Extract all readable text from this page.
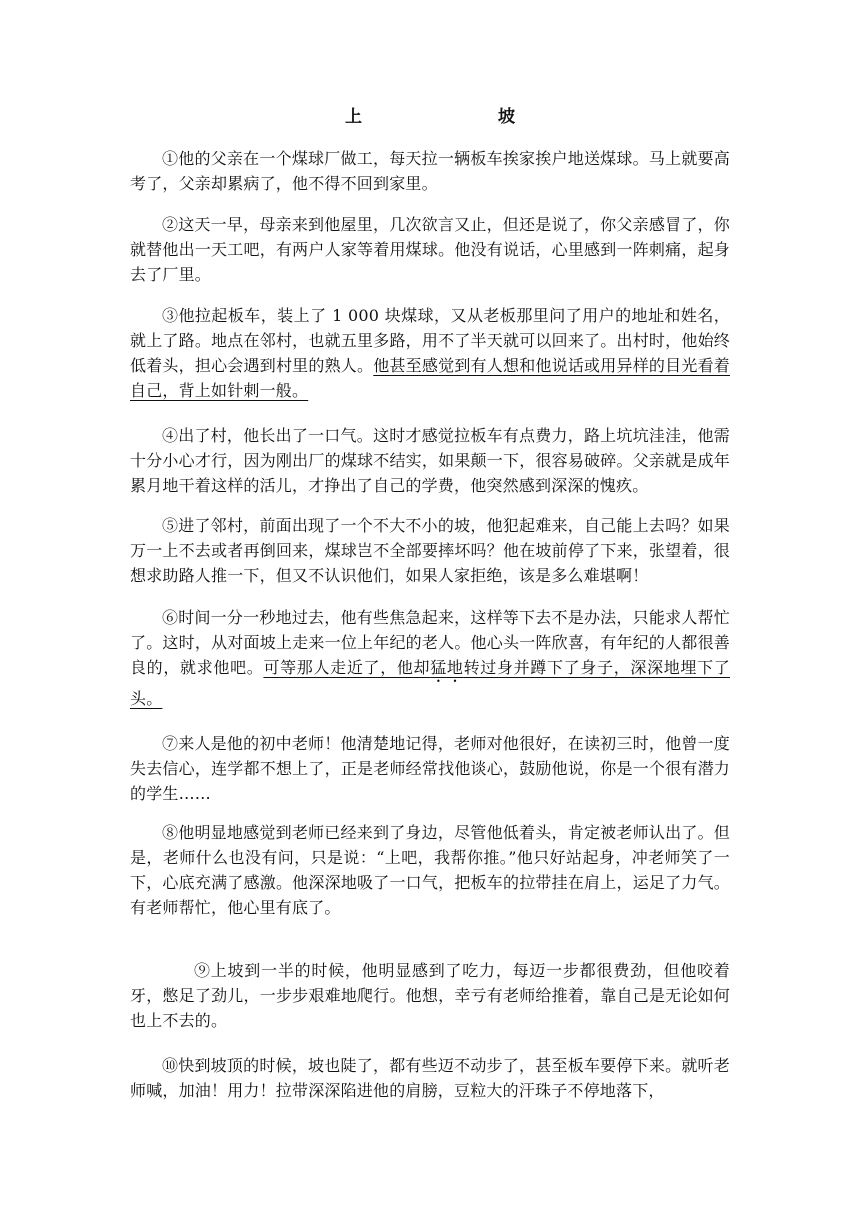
上　　坡

①他的父亲在一个煤球厂做工，每天拉一辆板车挨家挨户地送煤球。马上就要高考了，父亲却累病了，他不得不回到家里。

②这天一早，母亲来到他屋里，几次欲言又止，但还是说了，你父亲感冒了，你就替他出一天工吧，有两户人家等着用煤球。他没有说话，心里感到一阵刺痛，起身去了厂里。

③他拉起板车，装上了 1 000 块煤球，又从老板那里问了用户的地址和姓名，就上了路。地点在邻村，也就五里多路，用不了半天就可以回来了。出村时，他始终低着头，担心会遇到村里的熟人。他甚至感觉到有人想和他说话或用异样的目光看着自己，背上如针刺一般。

④出了村，他长出了一口气。这时才感觉拉板车有点费力，路上坑坑洼洼，他需十分小心才行，因为刚出厂的煤球不结实，如果颠一下，很容易破碎。父亲就是成年累月地干着这样的活儿，才挣出了自己的学费，他突然感到深深的愧疚。

⑤进了邻村，前面出现了一个不大不小的坡，他犯起难来，自己能上去吗？如果万一上不去或者再倒回来，煤球岂不全部要摔坏吗？他在坡前停了下来，张望着，很想求助路人推一下，但又不认识他们，如果人家拒绝，该是多么难堪啊！

⑥时间一分一秒地过去，他有些焦急起来，这样等下去不是办法，只能求人帮忙了。这时，从对面坡上走来一位上年纪的老人。他心头一阵欣喜，有年纪的人都很善良的，就求他吧。可等那人走近了，他却猛地转过身并蹲下了身子，深深地埋下了头。

⑦来人是他的初中老师！他清楚地记得，老师对他很好，在读初三时，他曾一度失去信心，连学都不想上了，正是老师经常找他谈心，鼓励他说，你是一个很有潜力的学生……

⑧他明显地感觉到老师已经来到了身边，尽管他低着头，肯定被老师认出了。但是，老师什么也没有问，只是说：“上吧，我帮你推。”他只好站起身，冲老师笑了一下，心底充满了感激。他深深地吸了一口气，把板车的拉带挂在肩上，运足了力气。有老师帮忙，他心里有底了。

⑨上坡到一半的时候，他明显感到了吃力，每迈一步都很费劲，但他咬着牙，憋足了劲儿，一步步艰难地爬行。他想，幸亏有老师给推着，靠自己是无论如何也上不去的。

⑩快到坡顶的时候，坡也陡了，都有些迈不动步了，甚至板车要停下来。就听老师喊，加油！用力！拉带深深陷进他的肩膀，豆粒大的汗珠子不停地落下，
